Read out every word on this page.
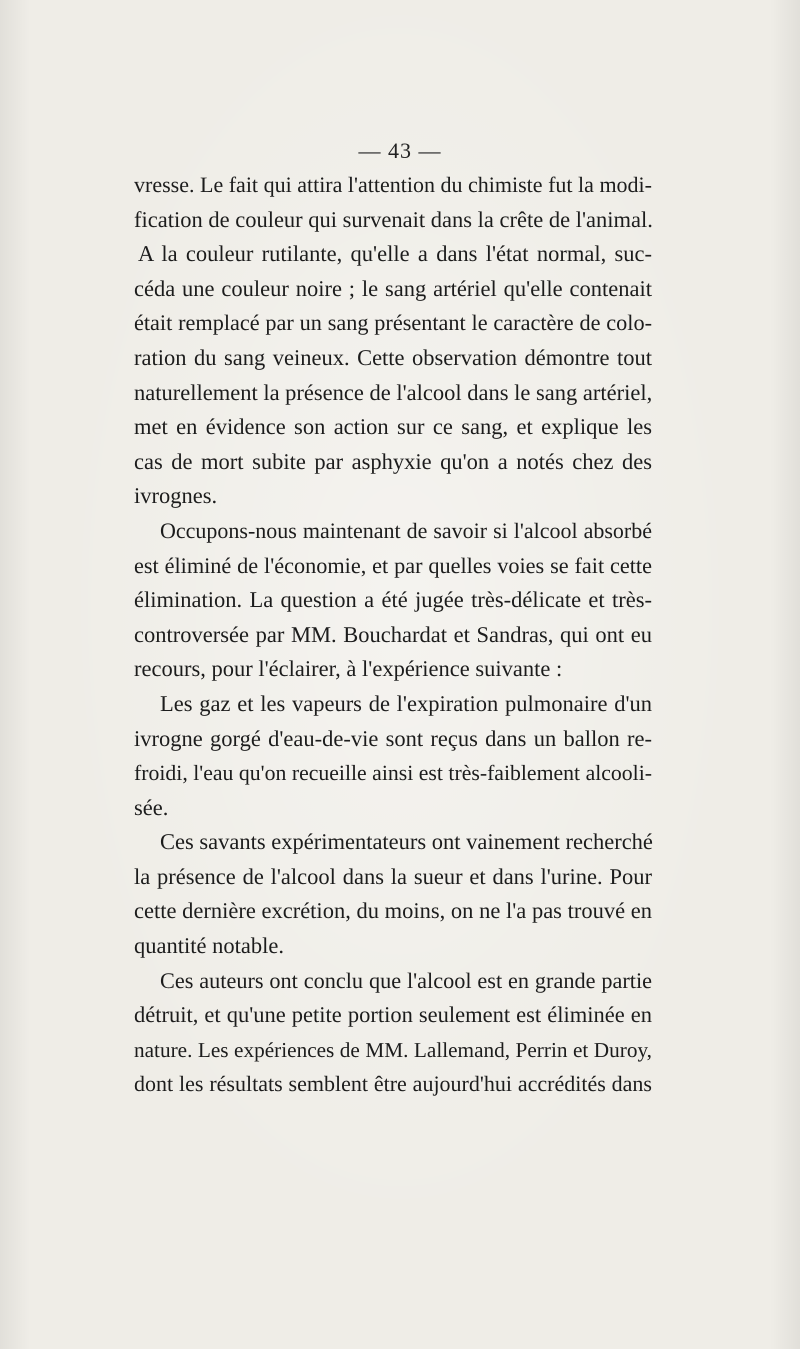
— 43 —
vresse. Le fait qui attira l'attention du chimiste fut la modi-
fication de couleur qui survenait dans la crête de l'animal.
A la couleur rutilante, qu'elle a dans l'état normal, suc-
céda une couleur noire ; le sang artériel qu'elle contenait
était remplacé par un sang présentant le caractère de colo-
ration du sang veineux. Cette observation démontre tout
naturellement la présence de l'alcool dans le sang artériel,
met en évidence son action sur ce sang, et explique les
cas de mort subite par asphyxie qu'on a notés chez des
ivrognes.
Occupons-nous maintenant de savoir si l'alcool absorbé
est éliminé de l'économie, et par quelles voies se fait cette
élimination. La question a été jugée très-délicate et très-
controversée par MM. Bouchardat et Sandras, qui ont eu
recours, pour l'éclairer, à l'expérience suivante :
Les gaz et les vapeurs de l'expiration pulmonaire d'un
ivrogne gorgé d'eau-de-vie sont reçus dans un ballon re-
froidi, l'eau qu'on recueille ainsi est très-faiblement alcooli-
sée.
Ces savants expérimentateurs ont vainement recherché
la présence de l'alcool dans la sueur et dans l'urine. Pour
cette dernière excrétion, du moins, on ne l'a pas trouvé en
quantité notable.
Ces auteurs ont conclu que l'alcool est en grande partie
détruit, et qu'une petite portion seulement est éliminée en
nature. Les expériences de MM. Lallemand, Perrin et Duroy,
dont les résultats semblent être aujourd'hui accrédités dans
